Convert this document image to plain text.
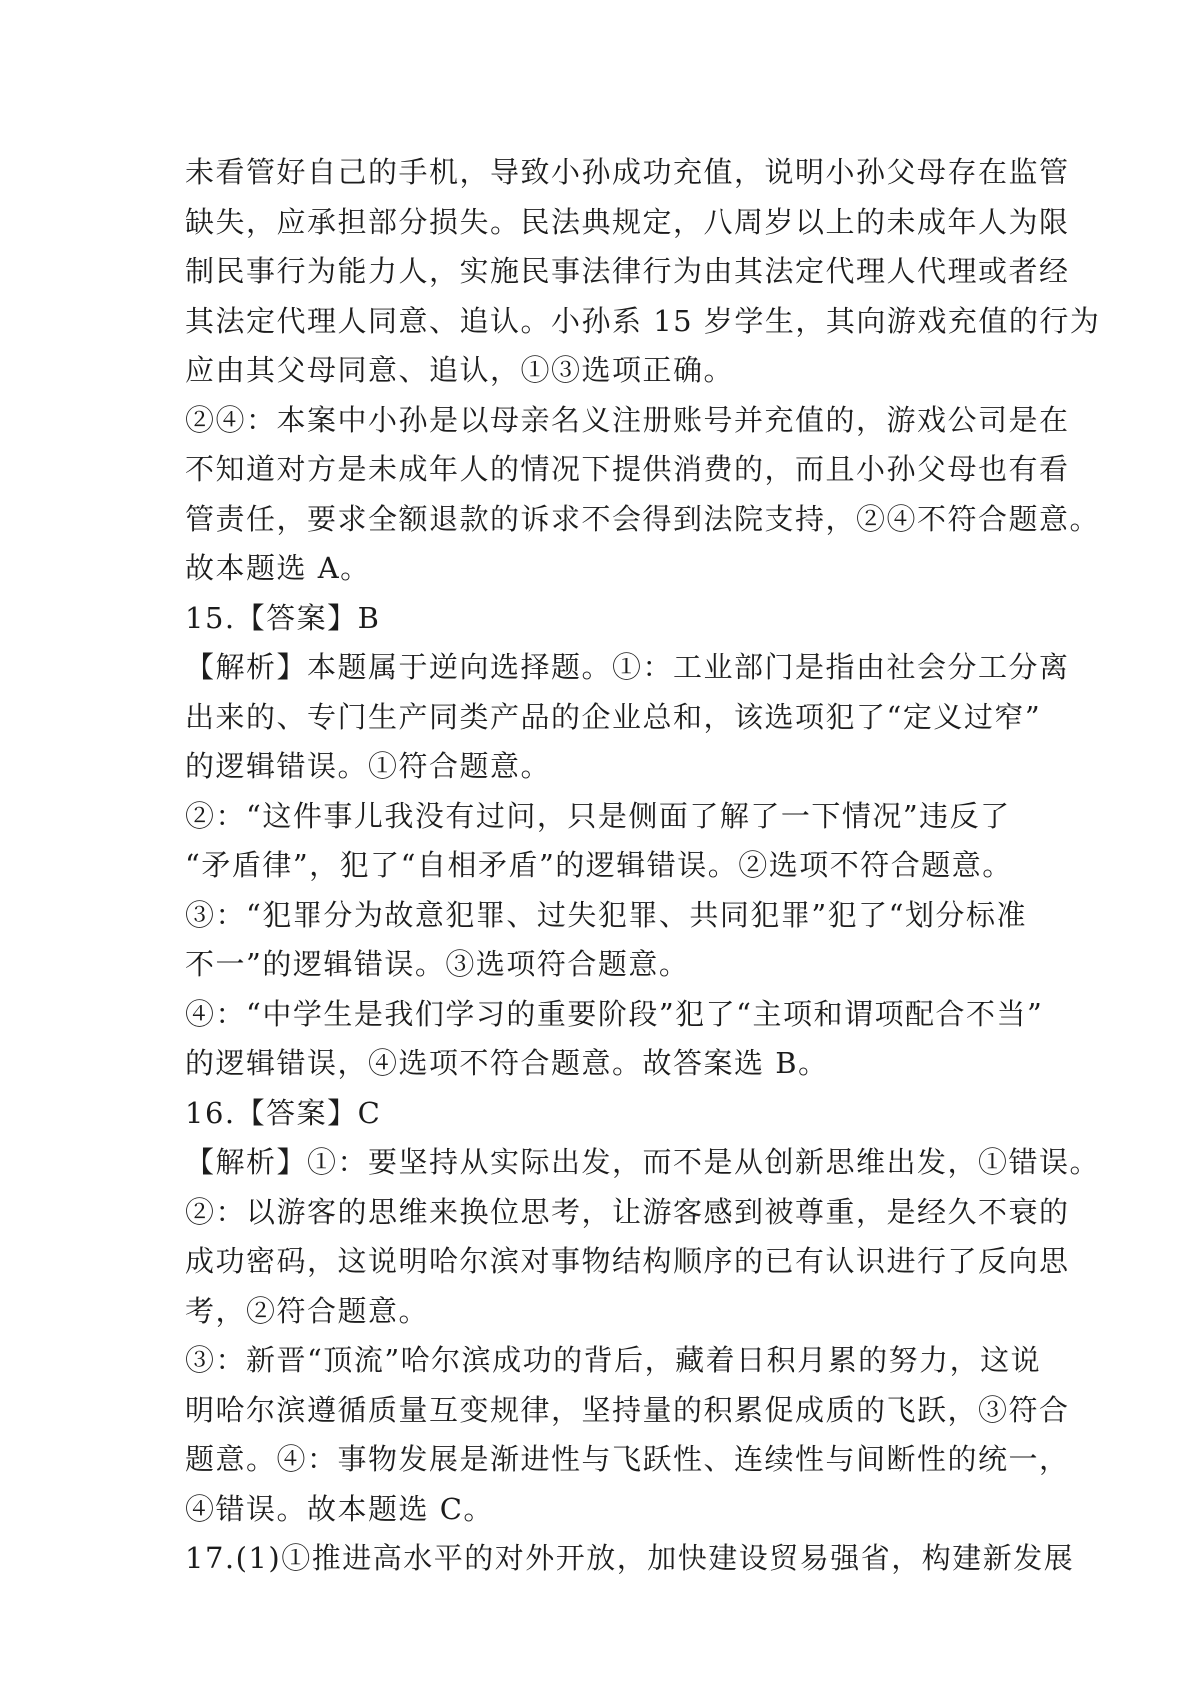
未看管好自己的手机，导致小孙成功充值，说明小孙父母存在监管
缺失，应承担部分损失。民法典规定，八周岁以上的未成年人为限
制民事行为能力人，实施民事法律行为由其法定代理人代理或者经
其法定代理人同意、追认。小孙系 15 岁学生，其向游戏充值的行为
应由其父母同意、追认，①③选项正确。
②④：本案中小孙是以母亲名义注册账号并充值的，游戏公司是在
不知道对方是未成年人的情况下提供消费的，而且小孙父母也有看
管责任，要求全额退款的诉求不会得到法院支持，②④不符合题意。
故本题选 A。
15.【答案】B
【解析】本题属于逆向选择题。①：工业部门是指由社会分工分离
出来的、专门生产同类产品的企业总和，该选项犯了“定义过窄”
的逻辑错误。①符合题意。
②：“这件事儿我没有过问，只是侧面了解了一下情况”违反了
“矛盾律”，犯了“自相矛盾”的逻辑错误。②选项不符合题意。
③：“犯罪分为故意犯罪、过失犯罪、共同犯罪”犯了“划分标准
不一”的逻辑错误。③选项符合题意。
④：“中学生是我们学习的重要阶段”犯了“主项和谓项配合不当”
的逻辑错误，④选项不符合题意。故答案选 B。
16.【答案】C
【解析】①：要坚持从实际出发，而不是从创新思维出发，①错误。
②：以游客的思维来换位思考，让游客感到被尊重，是经久不衰的
成功密码，这说明哈尔滨对事物结构顺序的已有认识进行了反向思
考，②符合题意。
③：新晋“顶流”哈尔滨成功的背后，藏着日积月累的努力，这说
明哈尔滨遵循质量互变规律，坚持量的积累促成质的飞跃，③符合
题意。④：事物发展是渐进性与飞跃性、连续性与间断性的统一，
④错误。故本题选 C。
17.(1)①推进高水平的对外开放，加快建设贸易强省，构建新发展
